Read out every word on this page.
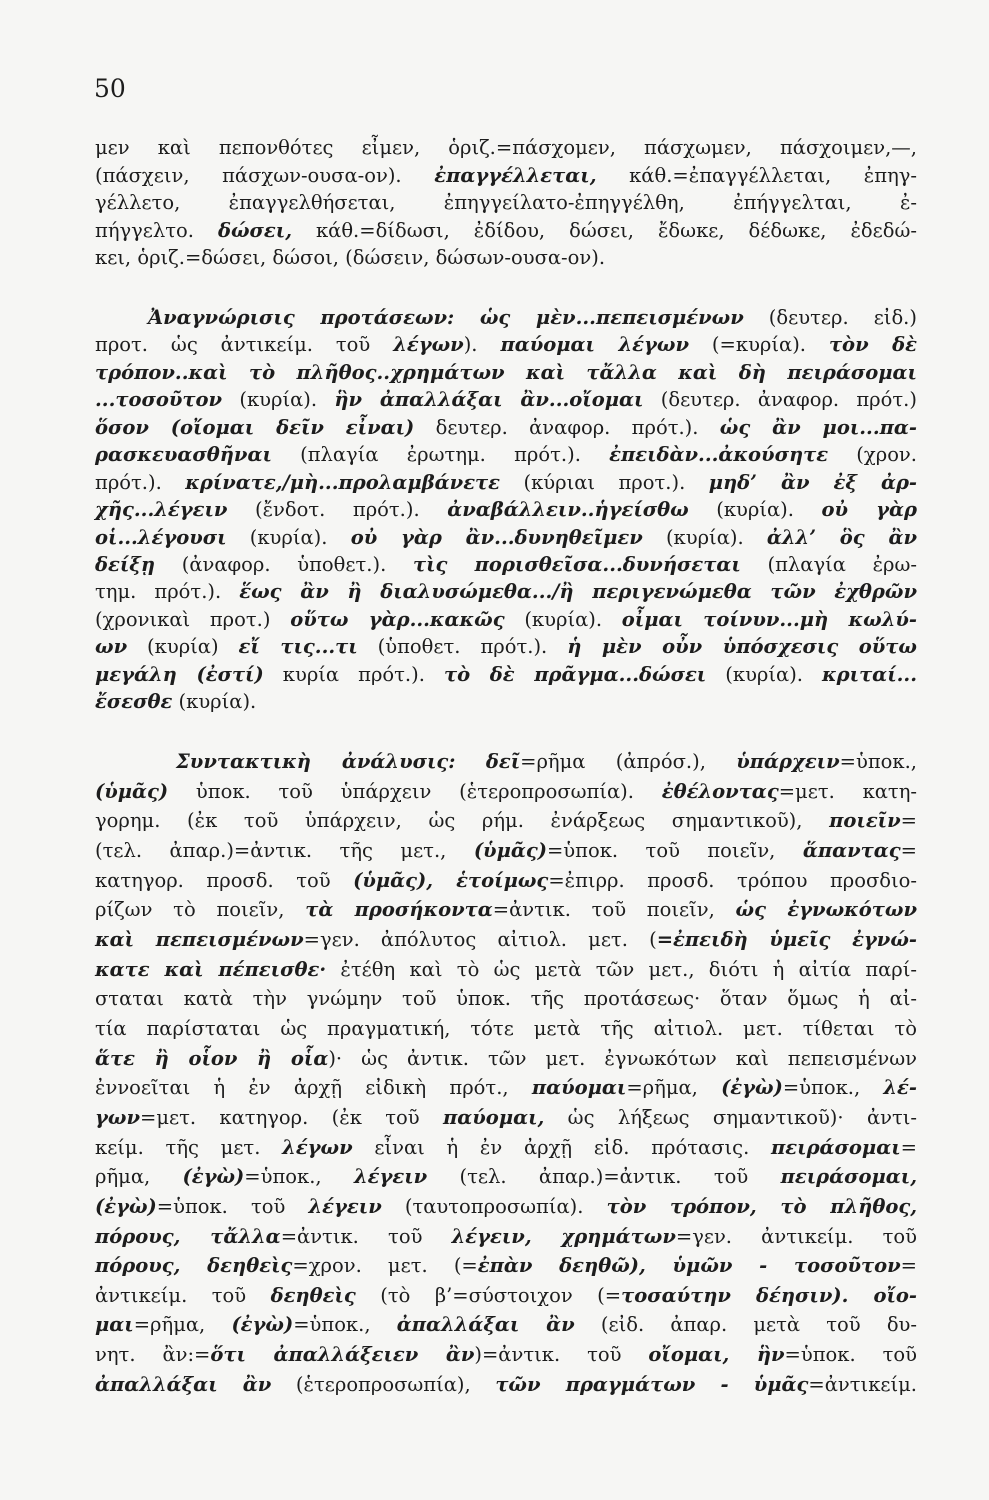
50
μεν καὶ πεπονθότες εἶμεν, ὁριζ.=πάσχομεν, πάσχωμεν, πάσχοιμεν,—,
(πάσχειν, πάσχων-ουσα-ον). ἐπαγγέλλεται, κάθ.=ἐπαγγέλλεται, ἐπηγ-
γέλλετο, ἐπαγγελθήσεται, ἐπηγγείλατο-ἐπηγγέλθη, ἐπήγγελται, ἐ-
πήγγελτο. δώσει, κάθ.=δίδωσι, ἐδίδου, δώσει, ἔδωκε, δέδωκε, ἐδεδώ-
κει, ὁριζ.=δώσει, δώσοι, (δώσειν, δώσων-ουσα-ον).
Ἀναγνώρισις προτάσεων: ὡς μὲν...πεπεισμένων (δευτερ. εἰδ.)
προτ. ὡς ἀντικείμ. τοῦ λέγων). παύομαι λέγων (=κυρία). τὸν δὲ
τρόπον..καὶ τὸ πλῆθος..χρημάτων καὶ τἄλλα καὶ δὴ πειράσομαι
...τοσοῦτον (κυρία). ἣν ἀπαλλάξαι ἂν...οἴομαι (δευτερ. ἀναφορ. πρότ.)
ὅσον (οἴομαι δεῖν εἶναι) δευτερ. ἀναφορ. πρότ.). ὡς ἂν μοι...πα-
ρασκευασθῆναι (πλαγία ἐρωτημ. πρότ.). ἐπειδὰν...ἀκούσητε (χρον.
πρότ.). κρίνατε,/μὴ...προλαμβάνετε (κύριαι προτ.). μηδ’ ἂν ἐξ ἀρ-
χῆς...λέγειν (ἔνδοτ. πρότ.). ἀναβάλλειν..ἡγείσθω (κυρία). οὐ γὰρ
οἱ...λέγουσι (κυρία). οὐ γὰρ ἂν...δυνηθεῖμεν (κυρία). ἀλλ’ ὃς ἂν
δείξῃ (ἀναφορ. ὑποθετ.). τὶς πορισθεῖσα...δυνήσεται (πλαγία ἐρω-
τημ. πρότ.). ἕως ἂν ἢ διαλυσώμεθα.../ἢ περιγενώμεθα τῶν ἐχθρῶν
(χρονικαὶ προτ.) οὕτω γὰρ...κακῶς (κυρία). οἶμαι τοίνυν...μὴ κωλύ-
ων (κυρία) εἴ τις...τι (ὑποθετ. πρότ.). ἡ μὲν οὖν ὑπόσχεσις οὕτω
μεγάλη (ἐστί) κυρία πρότ.). τὸ δὲ πρᾶγμα...δώσει (κυρία). κριταί...
ἔσεσθε (κυρία).
Συντακτικὴ ἀνάλυσις: δεῖ=ρῆμα (ἀπρόσ.), ὑπάρχειν=ὑποκ.,
(ὑμᾶς) ὑποκ. τοῦ ὑπάρχειν (ἑτεροπροσωπία). ἐθέλοντας=μετ. κατη-
γορημ. (ἐκ τοῦ ὑπάρχειν, ὡς ρήμ. ἐνάρξεως σημαντικοῦ), ποιεῖν=
(τελ. ἀπαρ.)=ἀντικ. τῆς μετ., (ὑμᾶς)=ὑποκ. τοῦ ποιεῖν, ἅπαντας=
κατηγορ. προσδ. τοῦ (ὑμᾶς), ἑτοίμως=ἐπιρρ. προσδ. τρόπου προσδιο-
ρίζων τὸ ποιεῖν, τὰ προσήκοντα=ἀντικ. τοῦ ποιεῖν, ὡς ἐγνωκότων
καὶ πεπεισμένων=γεν. ἀπόλυτος αἰτιολ. μετ. (=ἐπειδὴ ὑμεῖς ἐγνώ-
κατε καὶ πέπεισθε· ἐτέθη καὶ τὸ ὡς μετὰ τῶν μετ., διότι ἡ αἰτία παρί-
σταται κατὰ τὴν γνώμην τοῦ ὑποκ. τῆς προτάσεως· ὅταν ὅμως ἡ αἰ-
τία παρίσταται ὡς πραγματική, τότε μετὰ τῆς αἰτιολ. μετ. τίθεται τὸ
ἅτε ἢ οἷον ἢ οἷα)· ὡς ἀντικ. τῶν μετ. ἐγνωκότων καὶ πεπεισμένων
ἐννοεῖται ἡ ἐν ἀρχῇ εἰδικὴ πρότ., παύομαι=ρῆμα, (ἐγὼ)=ὑποκ., λέ-
γων=μετ. κατηγορ. (ἐκ τοῦ παύομαι, ὡς λήξεως σημαντικοῦ)· ἀντι-
κείμ. τῆς μετ. λέγων εἶναι ἡ ἐν ἀρχῇ εἰδ. πρότασις. πειράσομαι=
ρῆμα, (ἐγὼ)=ὑποκ., λέγειν (τελ. ἀπαρ.)=ἀντικ. τοῦ πειράσομαι,
(ἐγὼ)=ὑποκ. τοῦ λέγειν (ταυτοπροσωπία). τὸν τρόπον, τὸ πλῆθος,
πόρους, τἄλλα=ἀντικ. τοῦ λέγειν, χρημάτων=γεν. ἀντικείμ. τοῦ
πόρους, δεηθεὶς=χρον. μετ. (=ἐπὰν δεηθῶ), ὑμῶν - τοσοῦτον=
ἀντικείμ. τοῦ δεηθεὶς (τὸ β’=σύστοιχον (=τοσαύτην δέησιν). οἴο-
μαι=ρῆμα, (ἐγὼ)=ὑποκ., ἀπαλλάξαι ἂν (εἰδ. ἀπαρ. μετὰ τοῦ δυ-
νητ. ἂν:=ὅτι ἀπαλλάξειεν ἂν)=ἀντικ. τοῦ οἴομαι, ἣν=ὑποκ. τοῦ
ἀπαλλάξαι ἂν (ἑτεροπροσωπία), τῶν πραγμάτων - ὑμᾶς=ἀντικείμ.
